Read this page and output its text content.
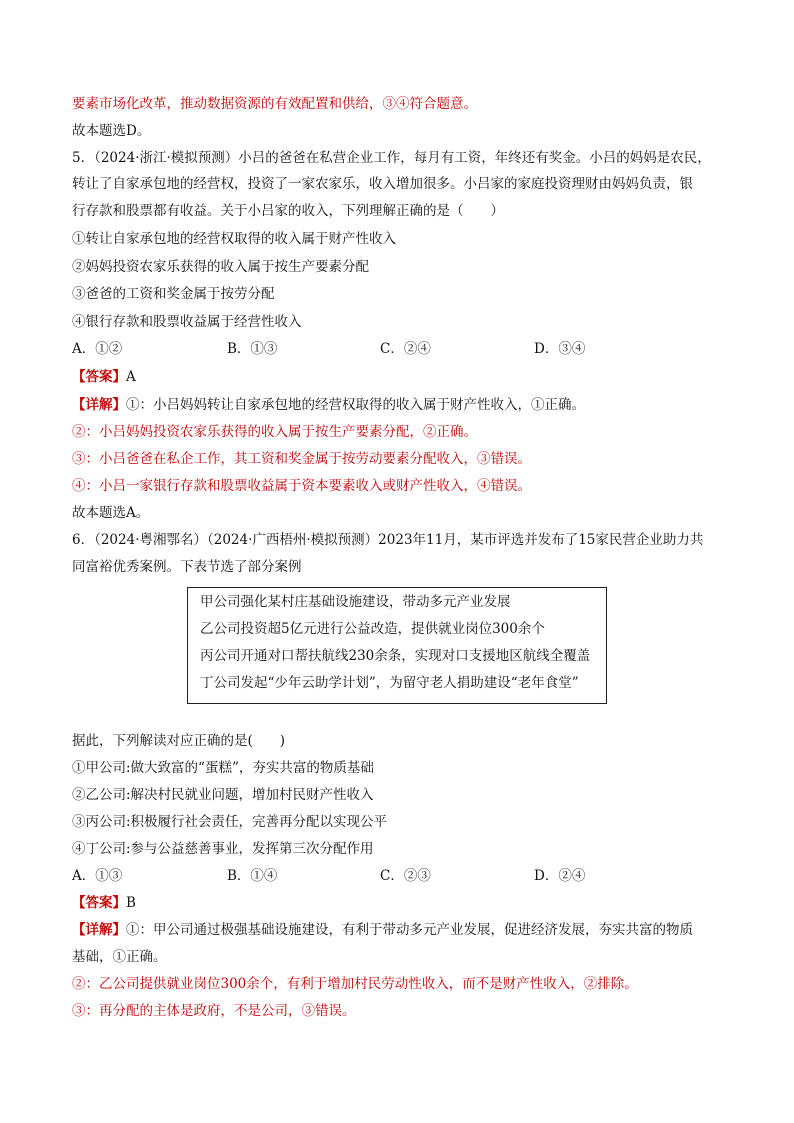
要素市场化改革，推动数据资源的有效配置和供给，③④符合题意。
故本题选D。
5．（2024·浙江·模拟预测）小吕的爸爸在私营企业工作，每月有工资，年终还有奖金。小吕的妈妈是农民，
转让了自家承包地的经营权，投资了一家农家乐，收入增加很多。小吕家的家庭投资理财由妈妈负责，银
行存款和股票都有收益。关于小吕家的收入，下列理解正确的是（　　）
①转让自家承包地的经营权取得的收入属于财产性收入
②妈妈投资农家乐获得的收入属于按生产要素分配
③爸爸的工资和奖金属于按劳分配
④银行存款和股票收益属于经营性收入
A．①②	B．①③	C．②④	D．③④
【答案】A
【详解】①：小吕妈妈转让自家承包地的经营权取得的收入属于财产性收入，①正确。
②：小吕妈妈投资农家乐获得的收入属于按生产要素分配，②正确。
③：小吕爸爸在私企工作，其工资和奖金属于按劳动要素分配收入，③错误。
④：小吕一家银行存款和股票收益属于资本要素收入或财产性收入，④错误。
故本题选A。
6．（2024·粤湘鄂名）（2024·广西梧州·模拟预测）2023年11月，某市评选并发布了15家民营企业助力共
同富裕优秀案例。下表节选了部分案例
甲公司强化某村庄基础设施建设，带动多元产业发展
乙公司投资超5亿元进行公益改造，提供就业岗位300余个
丙公司开通对口帮扶航线230余条，实现对口支援地区航线全覆盖
丁公司发起“少年云助学计划”，为留守老人捐助建设“老年食堂”
据此，下列解读对应正确的是(　　)
①甲公司:做大致富的“蛋糕”，夯实共富的物质基础
②乙公司:解决村民就业问题，增加村民财产性收入
③丙公司:积极履行社会责任，完善再分配以实现公平
④丁公司:参与公益慈善事业，发挥第三次分配作用
A．①③	B．①④	C．②③	D．②④
【答案】B
【详解】①：甲公司通过极强基础设施建设，有利于带动多元产业发展，促进经济发展，夯实共富的物质
基础，①正确。
②：乙公司提供就业岗位300余个，有利于增加村民劳动性收入，而不是财产性收入，②排除。
③：再分配的主体是政府，不是公司，③错误。
